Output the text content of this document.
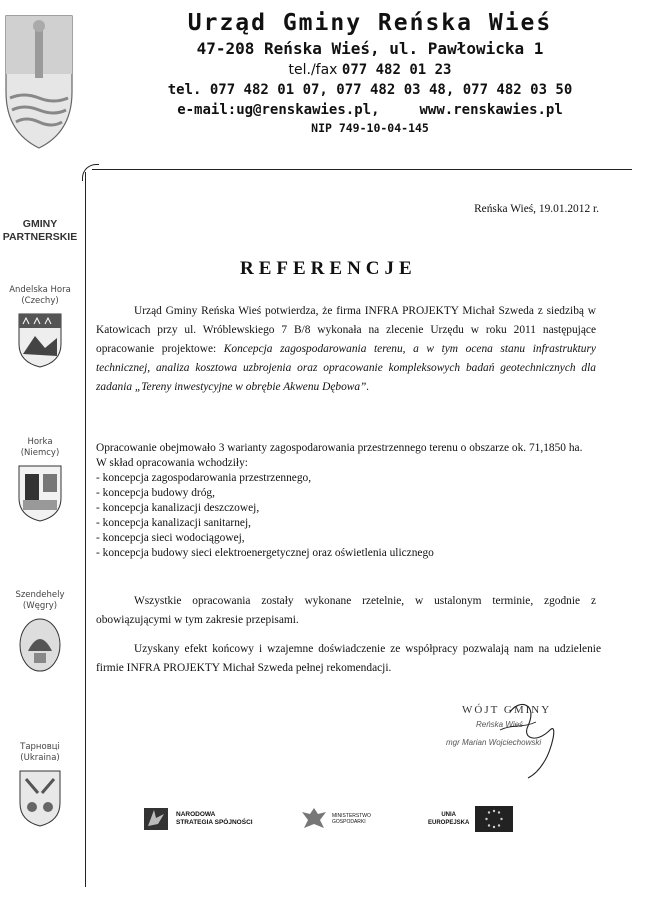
Urząd Gminy Reńska Wieś
47-208 Reńska Wieś, ul. Pawłowicka 1
tel./fax 077 482 01 23
tel. 077 482 01 07, 077 482 03 48, 077 482 03 50
e-mail:ug@renskawies.pl,	www.renskawies.pl
NIP 749-10-04-145
GMINY
PARTNERSKIE
Andelska Hora
(Czechy)
Horka
(Niemcy)
Szendehely
(Węgry)
Тарновці
(Ukraina)
Reńska Wieś, 19.01.2012 r.
REFERENCJE
Urząd Gminy Reńska Wieś potwierdza, że firma INFRA PROJEKTY Michał Szweda z siedzibą w Katowicach przy ul. Wróblewskiego 7 B/8 wykonała na zlecenie Urzędu w roku 2011 następujące opracowanie projektowe: Koncepcja zagospodarowania terenu, a w tym ocena stanu infrastruktury technicznej, analiza kosztowa uzbrojenia oraz opracowanie kompleksowych badań geotechnicznych dla zadania „Tereny inwestycyjne w obrębie Akwenu Dębowa”.
Opracowanie obejmowało 3 warianty zagospodarowania przestrzennego terenu o obszarze ok. 71,1850 ha.
W skład opracowania wchodziły:
- koncepcja zagospodarowania przestrzennego,
- koncepcja budowy dróg,
- koncepcja kanalizacji deszczowej,
- koncepcja kanalizacji sanitarnej,
- koncepcja sieci wodociągowej,
- koncepcja budowy sieci elektroenergetycznej oraz oświetlenia ulicznego
Wszystkie opracowania zostały wykonane rzetelnie, w ustalonym terminie, zgodnie z obowiązującymi w tym zakresie przepisami.
Uzyskany efekt końcowy i wzajemne doświadczenie ze współpracy pozwalają nam na udzielenie firmie INFRA PROJEKTY Michał Szweda pełnej rekomendacji.
WÓJT GMINY
Reńska Wieś
mgr Marian Wojciechowski
NARODOWA
STRATEGIA SPÓJNOŚCI
MINISTERSTWO
GOSPODARKI
UNIA
EUROPEJSKA
